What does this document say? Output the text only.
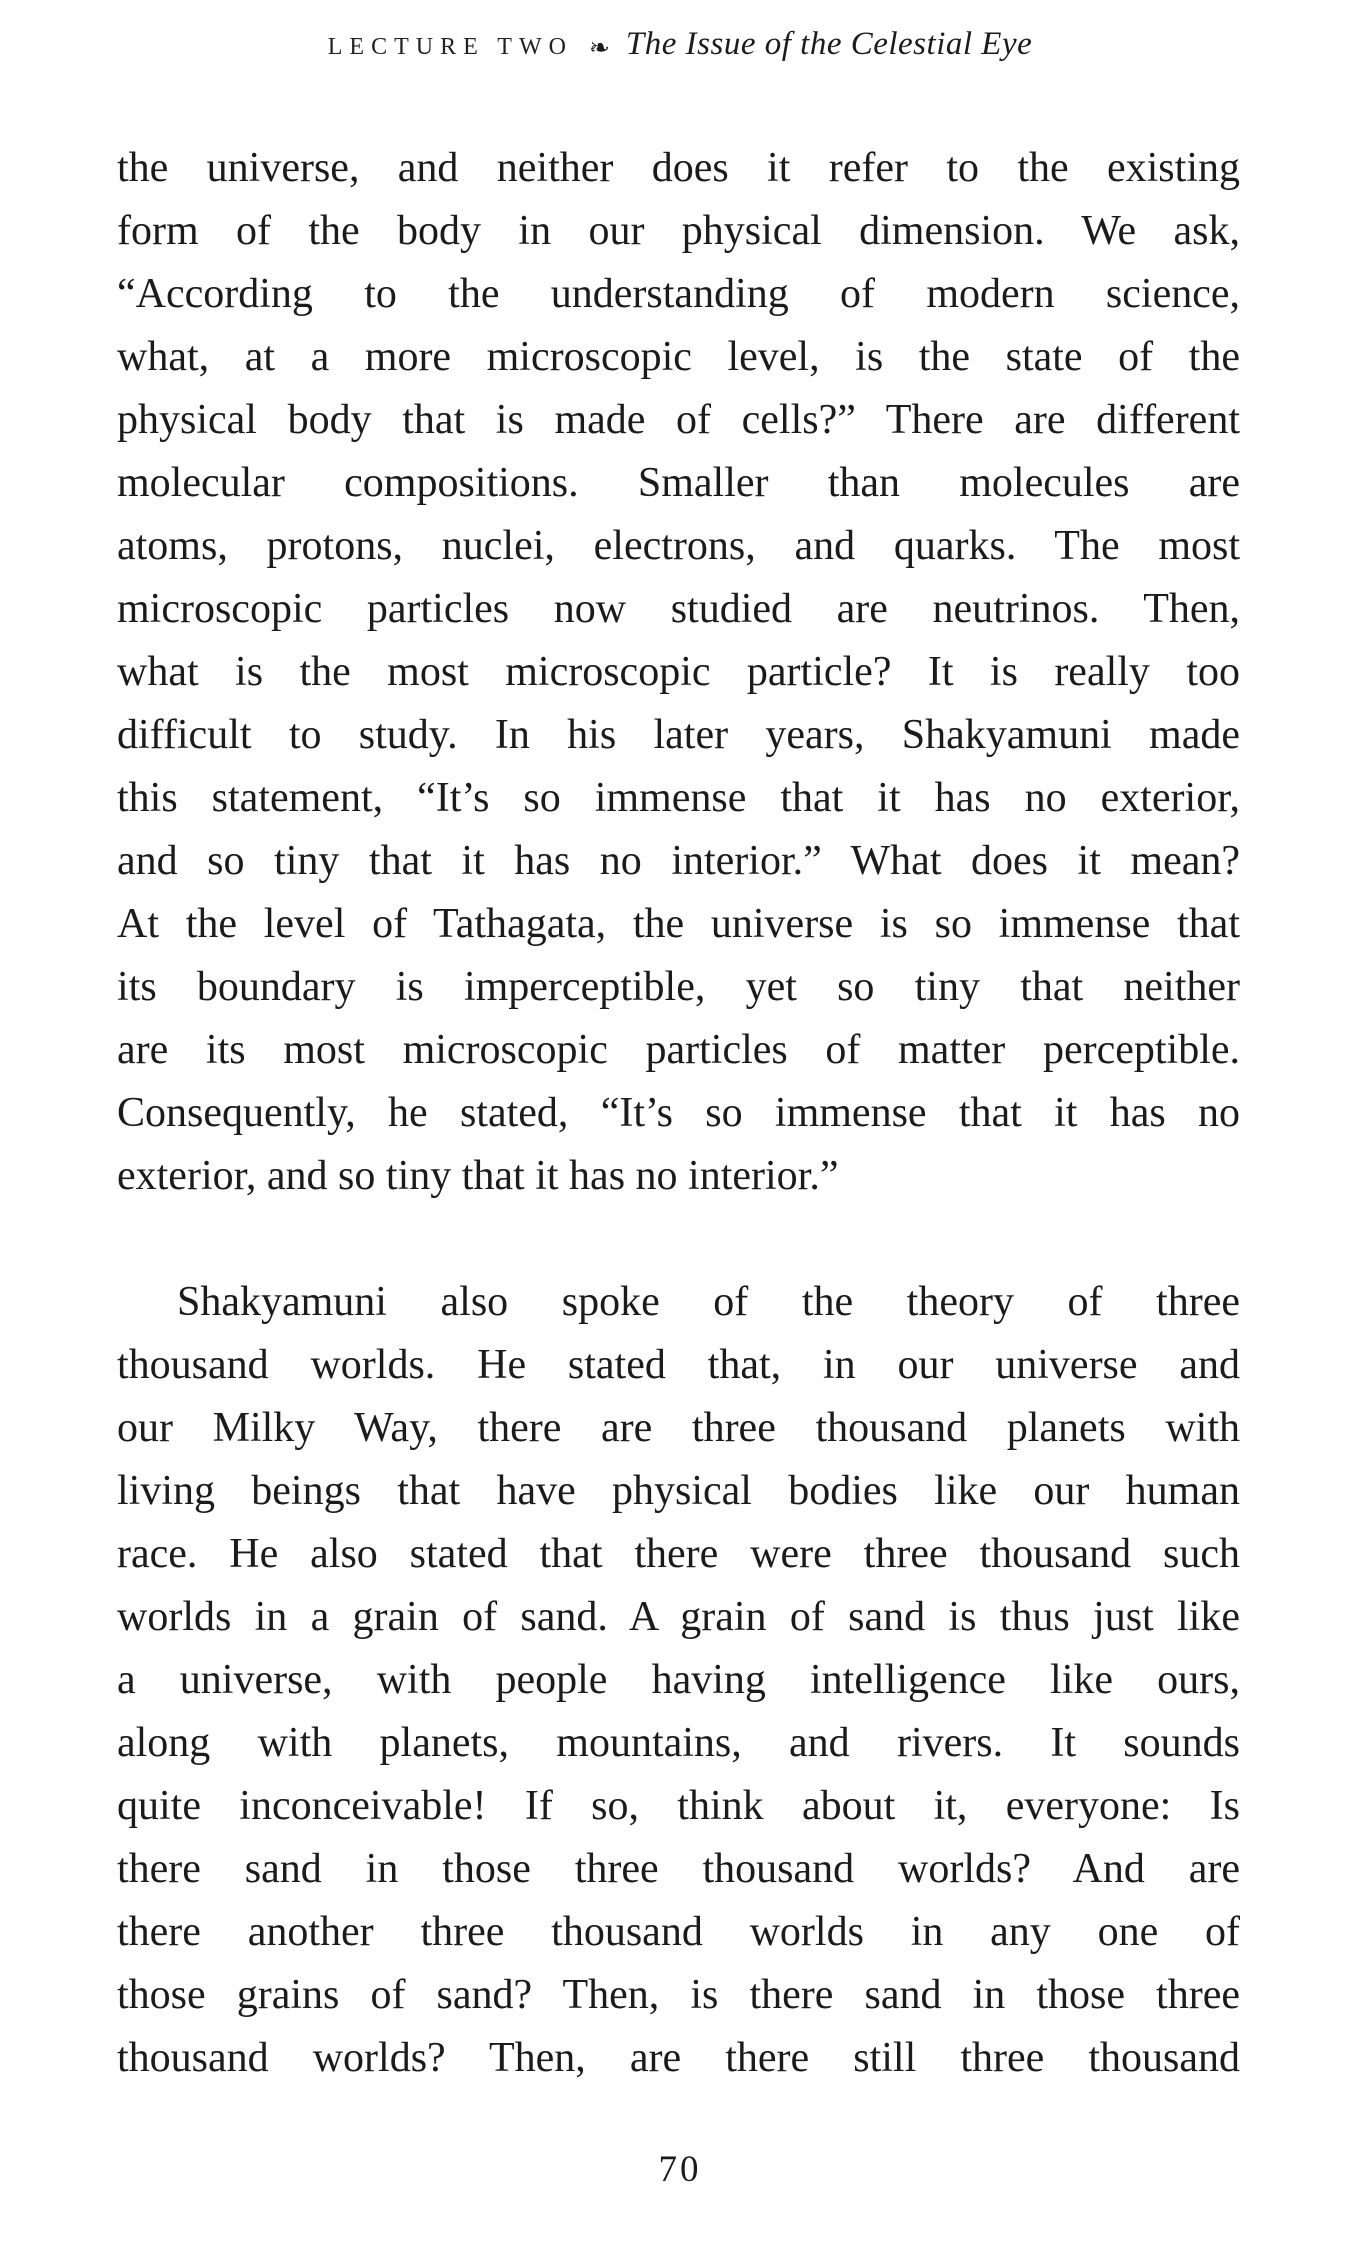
LECTURE TWO ❧ The Issue of the Celestial Eye
the universe, and neither does it refer to the existing
form of the body in our physical dimension. We ask,
“According to the understanding of modern science,
what, at a more microscopic level, is the state of the
physical body that is made of cells?” There are different
molecular compositions. Smaller than molecules are
atoms, protons, nuclei, electrons, and quarks. The most
microscopic particles now studied are neutrinos. Then,
what is the most microscopic particle? It is really too
difficult to study. In his later years, Shakyamuni made
this statement, “It’s so immense that it has no exterior,
and so tiny that it has no interior.” What does it mean?
At the level of Tathagata, the universe is so immense that
its boundary is imperceptible, yet so tiny that neither
are its most microscopic particles of matter perceptible.
Consequently, he stated, “It’s so immense that it has no
exterior, and so tiny that it has no interior.”
Shakyamuni also spoke of the theory of three
thousand worlds. He stated that, in our universe and
our Milky Way, there are three thousand planets with
living beings that have physical bodies like our human
race. He also stated that there were three thousand such
worlds in a grain of sand. A grain of sand is thus just like
a universe, with people having intelligence like ours,
along with planets, mountains, and rivers. It sounds
quite inconceivable! If so, think about it, everyone: Is
there sand in those three thousand worlds? And are
there another three thousand worlds in any one of
those grains of sand? Then, is there sand in those three
thousand worlds? Then, are there still three thousand
70
